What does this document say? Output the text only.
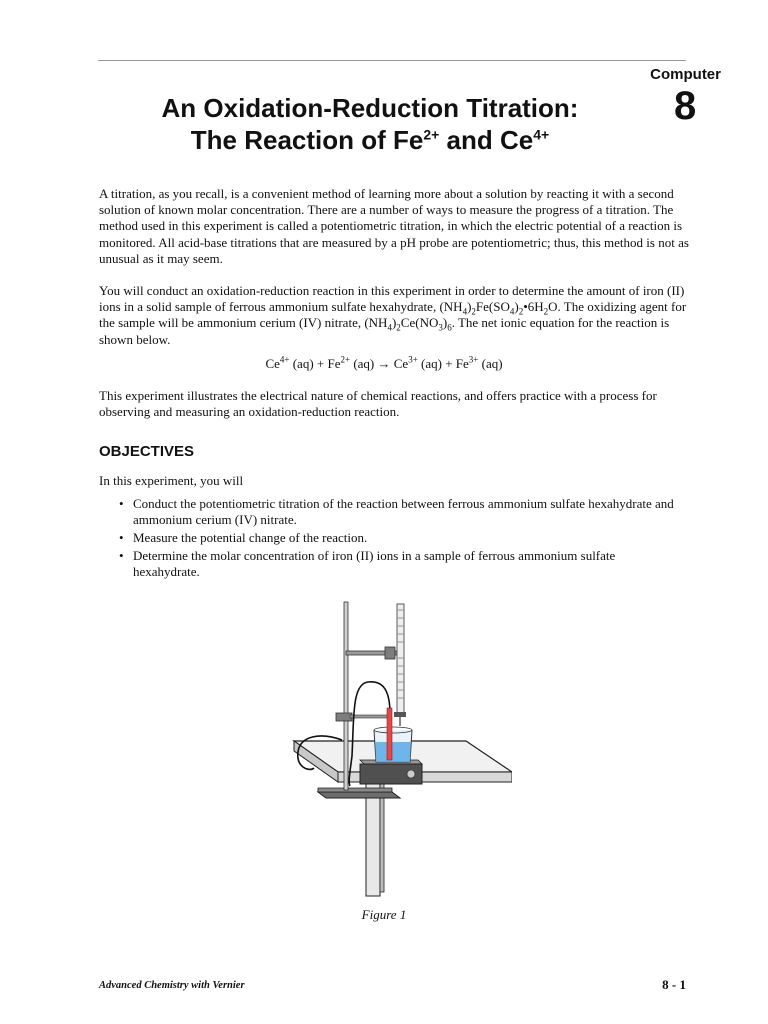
Computer
8
An Oxidation-Reduction Titration:
The Reaction of $Fe^{2+}$ and $Ce^{4+}$
A titration, as you recall, is a convenient method of learning more about a solution by reacting it with a second solution of known molar concentration. There are a number of ways to measure the progress of a titration. The method used in this experiment is called a potentiometric titration, in which the electric potential of a reaction is monitored. All acid-base titrations that are measured by a pH probe are potentiometric; thus, this method is not as unusual as it may seem.
You will conduct an oxidation-reduction reaction in this experiment in order to determine the amount of iron (II) ions in a solid sample of ferrous ammonium sulfate hexahydrate, $(NH_4)_2Fe(SO_4)_2•6H_2O$. The oxidizing agent for the sample will be ammonium cerium (IV) nitrate, $(NH_4)_2Ce(NO_3)_6$. The net ionic equation for the reaction is shown below.
$Ce^{4+}$ $(aq) + Fe^{2+}$ $(aq) \to Ce^{3+}$ $(aq) + Fe^{3+}$ (aq)
This experiment illustrates the electrical nature of chemical reactions, and offers practice with a process for observing and measuring an oxidation-reduction reaction.
OBJECTIVES
In this experiment, you will
• Conduct the potentiometric titration of the reaction between ferrous ammonium sulfate hexahydrate and ammonium cerium (IV) nitrate.
• Measure the potential change of the reaction.
• Determine the molar concentration of iron (II) ions in a sample of ferrous ammonium sulfate hexahydrate.
Figure 1
Advanced Chemistry with Vernier	8 - 1
